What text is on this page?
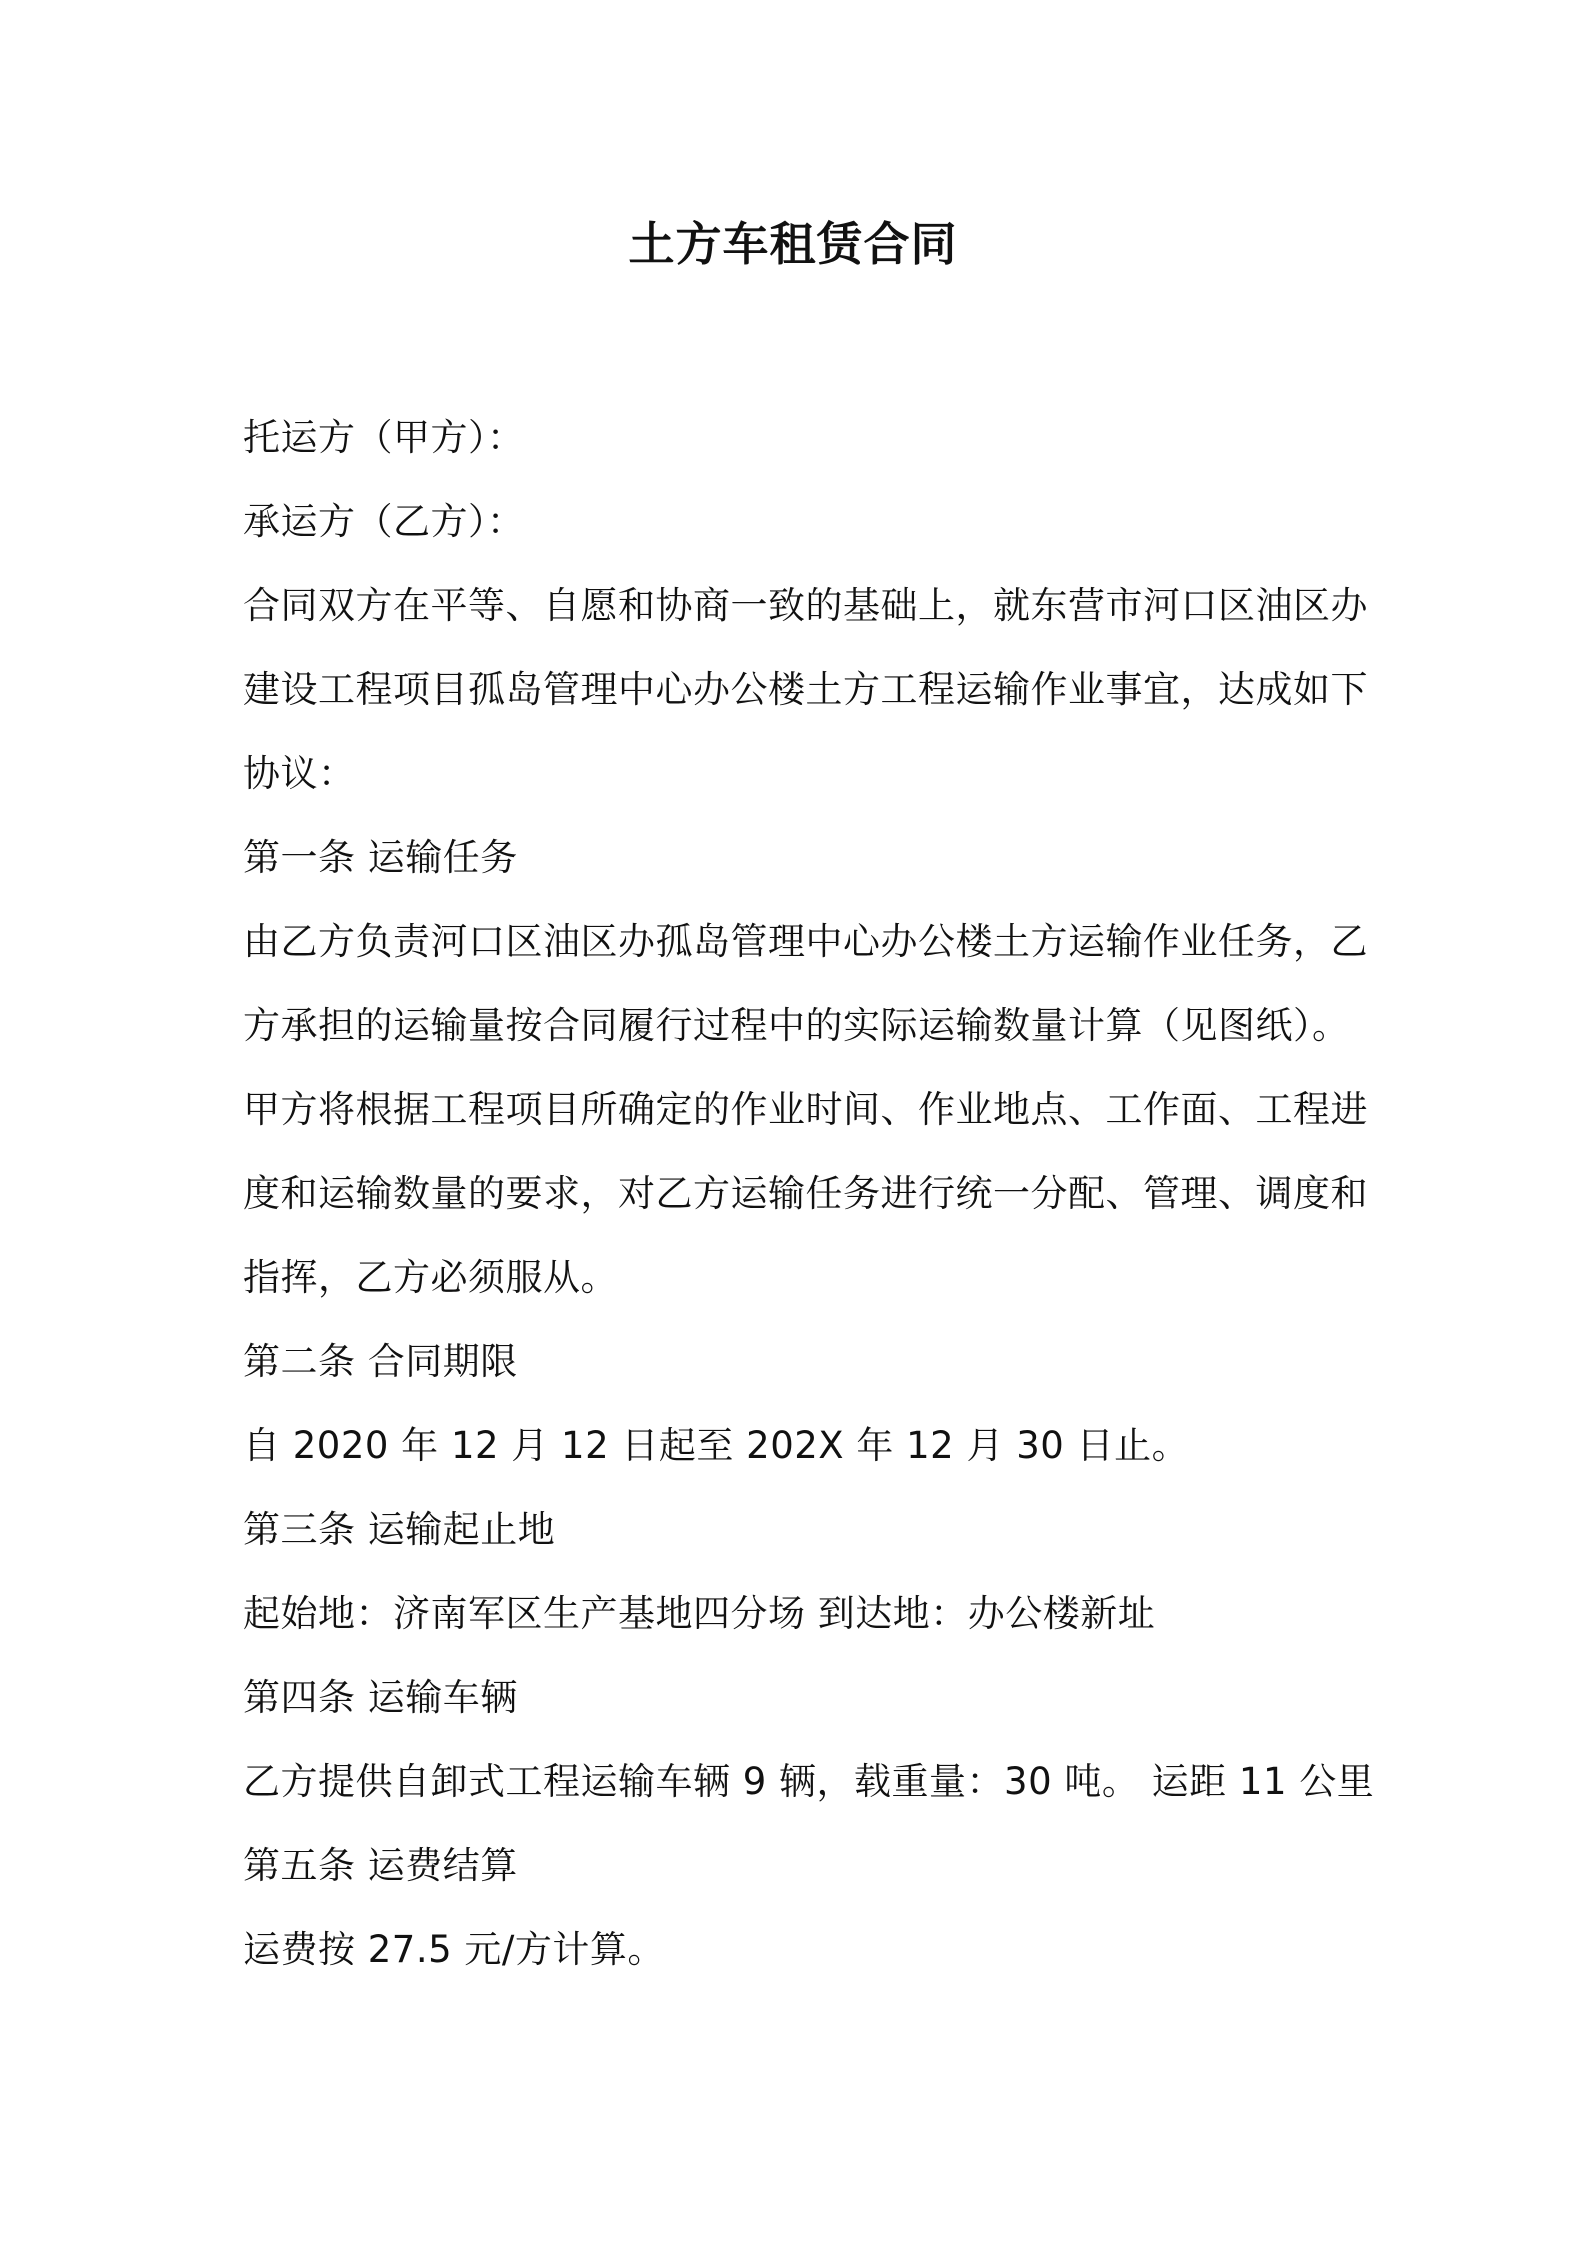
土方车租赁合同
托运方（甲方）：
承运方（乙方）：
合同双方在平等、自愿和协商一致的基础上，就东营市河口区油区办
建设工程项目孤岛管理中心办公楼土方工程运输作业事宜，达成如下
协议：
第一条 运输任务
由乙方负责河口区油区办孤岛管理中心办公楼土方运输作业任务，乙
方承担的运输量按合同履行过程中的实际运输数量计算（见图纸）。
甲方将根据工程项目所确定的作业时间、作业地点、工作面、工程进
度和运输数量的要求，对乙方运输任务进行统一分配、管理、调度和
指挥，乙方必须服从。
第二条 合同期限
自 2020 年 12 月 12 日起至 202X 年 12 月 30 日止。
第三条 运输起止地
起始地：济南军区生产基地四分场 到达地：办公楼新址
第四条 运输车辆
乙方提供自卸式工程运输车辆 9 辆，载重量：30 吨。 运距 11 公里
第五条 运费结算
运费按 27.5 元/方计算。
